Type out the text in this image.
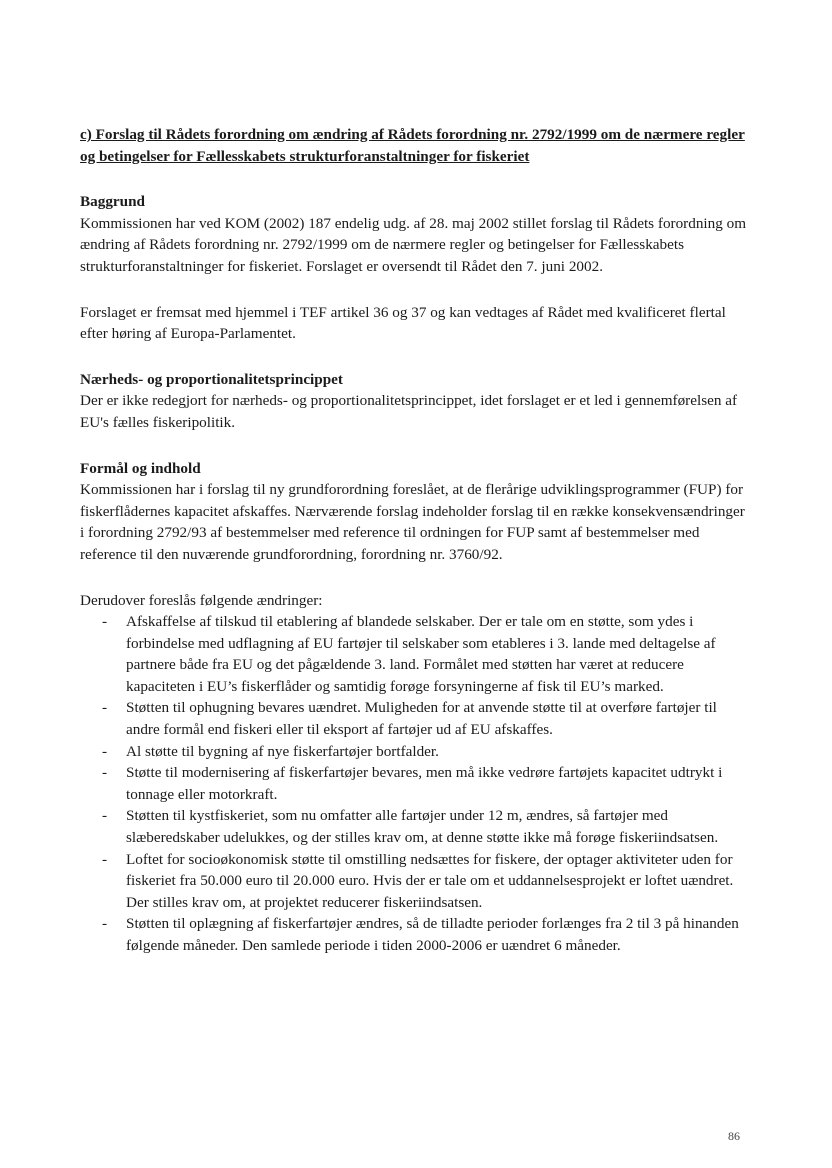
c) Forslag til Rådets forordning om ændring af Rådets forordning nr. 2792/1999 om de nærmere regler og betingelser for Fællesskabets strukturforanstaltninger for fiskeriet
Baggrund

Kommissionen har ved KOM (2002) 187 endelig udg. af 28. maj 2002 stillet forslag til Rådets forordning om ændring af Rådets forordning nr. 2792/1999 om de nærmere regler og betingelser for Fællesskabets strukturforanstaltninger for fiskeriet. Forslaget er oversendt til Rådet den 7. juni 2002.

Forslaget er fremsat med hjemmel i TEF artikel 36 og 37 og kan vedtages af Rådet med kvalificeret flertal efter høring af Europa-Parlamentet.

Nærheds- og proportionalitetsprincippet

Der er ikke redegjort for nærheds- og proportionalitetsprincippet, idet forslaget er et led i gennemførelsen af EU's fælles fiskeripolitik.

Formål og indhold

Kommissionen har i forslag til ny grundforordning foreslået, at de flerårige udviklingsprogrammer (FUP) for fiskerflådernes kapacitet afskaffes. Nærværende forslag indeholder forslag til en række konsekvensændringer i forordning 2792/93 af bestemmelser med reference til ordningen for FUP samt af bestemmelser med reference til den nuværende grundforordning, forordning nr. 3760/92.

Derudover foreslås følgende ændringer:

- Afskaffelse af tilskud til etablering af blandede selskaber. Der er tale om en støtte, som ydes i forbindelse med udflagning af EU fartøjer til selskaber som etableres i 3. lande med deltagelse af partnere både fra EU og det pågældende 3. land. Formålet med støtten har været at reducere kapaciteten i EU’s fiskerflåder og samtidig forøge forsyningerne af fisk til EU’s marked.
- Støtten til ophugning bevares uændret. Muligheden for at anvende støtte til at overføre fartøjer til andre formål end fiskeri eller til eksport af fartøjer ud af EU afskaffes.
- Al støtte til bygning af nye fiskerfartøjer bortfalder.
- Støtte til modernisering af fiskerfartøjer bevares, men må ikke vedrøre fartøjets kapacitet udtrykt i tonnage eller motorkraft.
- Støtten til kystfiskeriet, som nu omfatter alle fartøjer under 12 m, ændres, så fartøjer med slæberedskaber udelukkes, og der stilles krav om, at denne støtte ikke må forøge fiskeriindsatsen.
- Loftet for socioøkonomisk støtte til omstilling nedsættes for fiskere, der optager aktiviteter uden for fiskeriet fra 50.000 euro til 20.000 euro. Hvis der er tale om et uddannelsesprojekt er loftet uændret. Der stilles krav om, at projektet reducerer fiskeriindsatsen.
- Støtten til oplægning af fiskerfartøjer ændres, så de tilladte perioder forlænges fra 2 til 3 på hinanden følgende måneder. Den samlede periode i tiden 2000-2006 er uændret 6 måneder.
86
